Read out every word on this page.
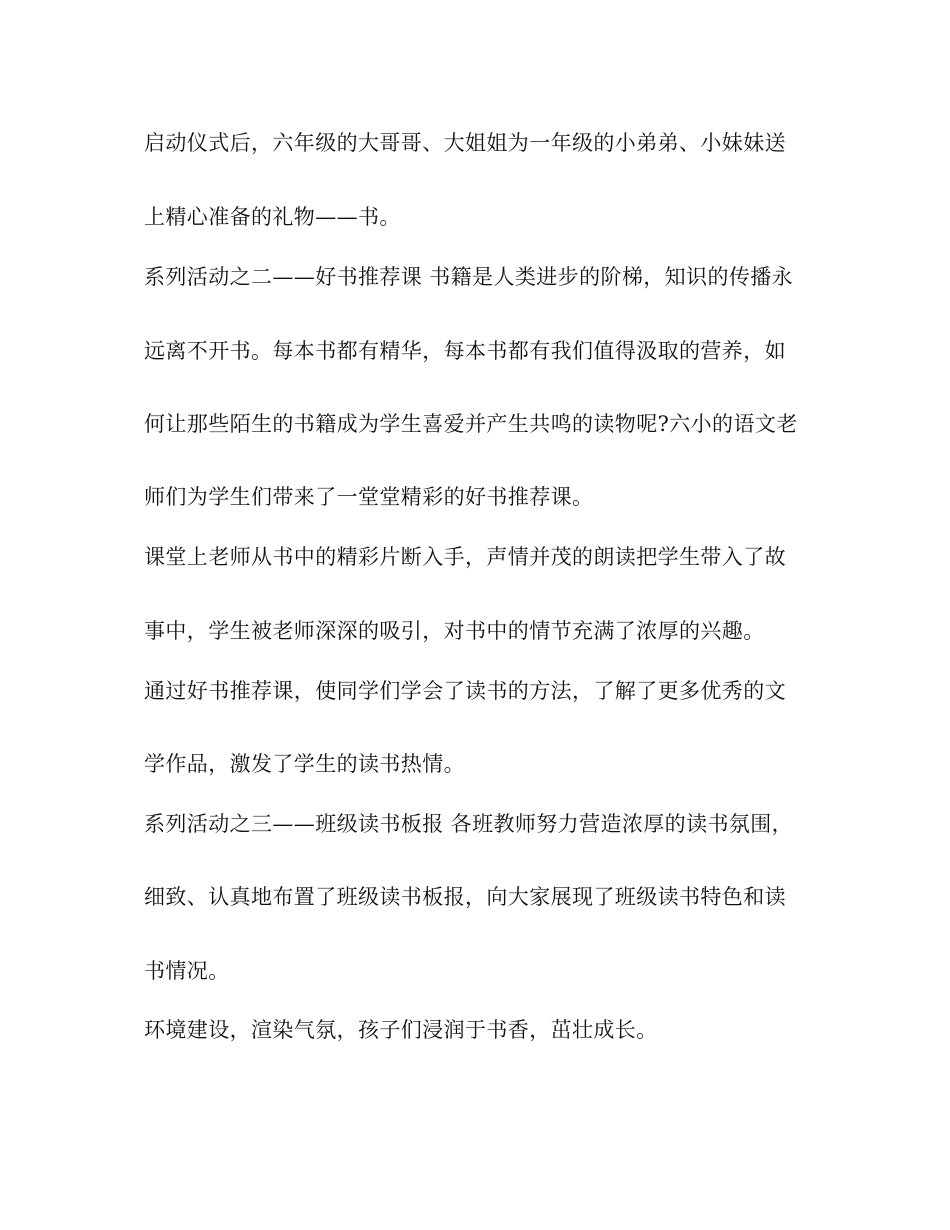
启动仪式后，六年级的大哥哥、大姐姐为一年级的小弟弟、小妹妹送
上精心准备的礼物——书。
系列活动之二——好书推荐课 书籍是人类进步的阶梯，知识的传播永
远离不开书。每本书都有精华，每本书都有我们值得汲取的营养，如
何让那些陌生的书籍成为学生喜爱并产生共鸣的读物呢?六小的语文老
师们为学生们带来了一堂堂精彩的好书推荐课。
课堂上老师从书中的精彩片断入手，声情并茂的朗读把学生带入了故
事中，学生被老师深深的吸引，对书中的情节充满了浓厚的兴趣。
通过好书推荐课，使同学们学会了读书的方法，了解了更多优秀的文
学作品，激发了学生的读书热情。
系列活动之三——班级读书板报 各班教师努力营造浓厚的读书氛围，
细致、认真地布置了班级读书板报，向大家展现了班级读书特色和读
书情况。
环境建设，渲染气氛，孩子们浸润于书香，茁壮成长。
